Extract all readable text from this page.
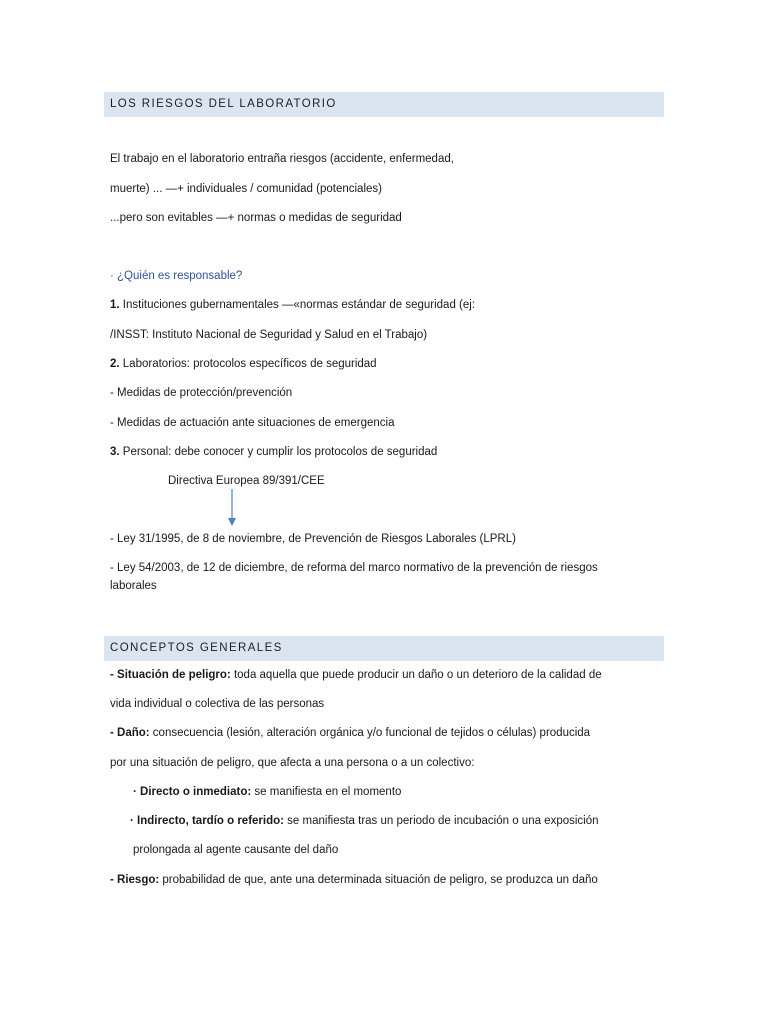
LOS RIESGOS DEL LABORATORIO
El trabajo en el laboratorio entraña riesgos (accidente, enfermedad,
muerte) ... —+ individuales / comunidad (potenciales)
...pero son evitables —+ normas o medidas de seguridad
· ¿Quién es responsable?
1. Instituciones gubernamentales —«normas estándar de seguridad (ej:
/INSST: Instituto Nacional de Seguridad y Salud en el Trabajo)
2. Laboratorios: protocolos específicos de seguridad
- Medidas de protección/prevención
- Medidas de actuación ante situaciones de emergencia
3. Personal: debe conocer y cumplir los protocolos de seguridad
Directiva Europea 89/391/CEE
- Ley 31/1995, de 8 de noviembre, de Prevención de Riesgos Laborales (LPRL)
- Ley 54/2003, de 12 de diciembre, de reforma del marco normativo de la prevención de riesgos laborales
CONCEPTOS GENERALES
- Situación de peligro: toda aquella que puede producir un daño o un deterioro de la calidad de
vida individual o colectiva de las personas
- Daño: consecuencia (lesión, alteración orgánica y/o funcional de tejidos o células) producida
por una situación de peligro, que afecta a una persona o a un colectivo:
· Directo o inmediato: se manifiesta en el momento
· Indirecto, tardío o referido: se manifiesta tras un periodo de incubación o una exposición
prolongada al agente causante del daño
- Riesgo: probabilidad de que, ante una determinada situación de peligro, se produzca un daño
